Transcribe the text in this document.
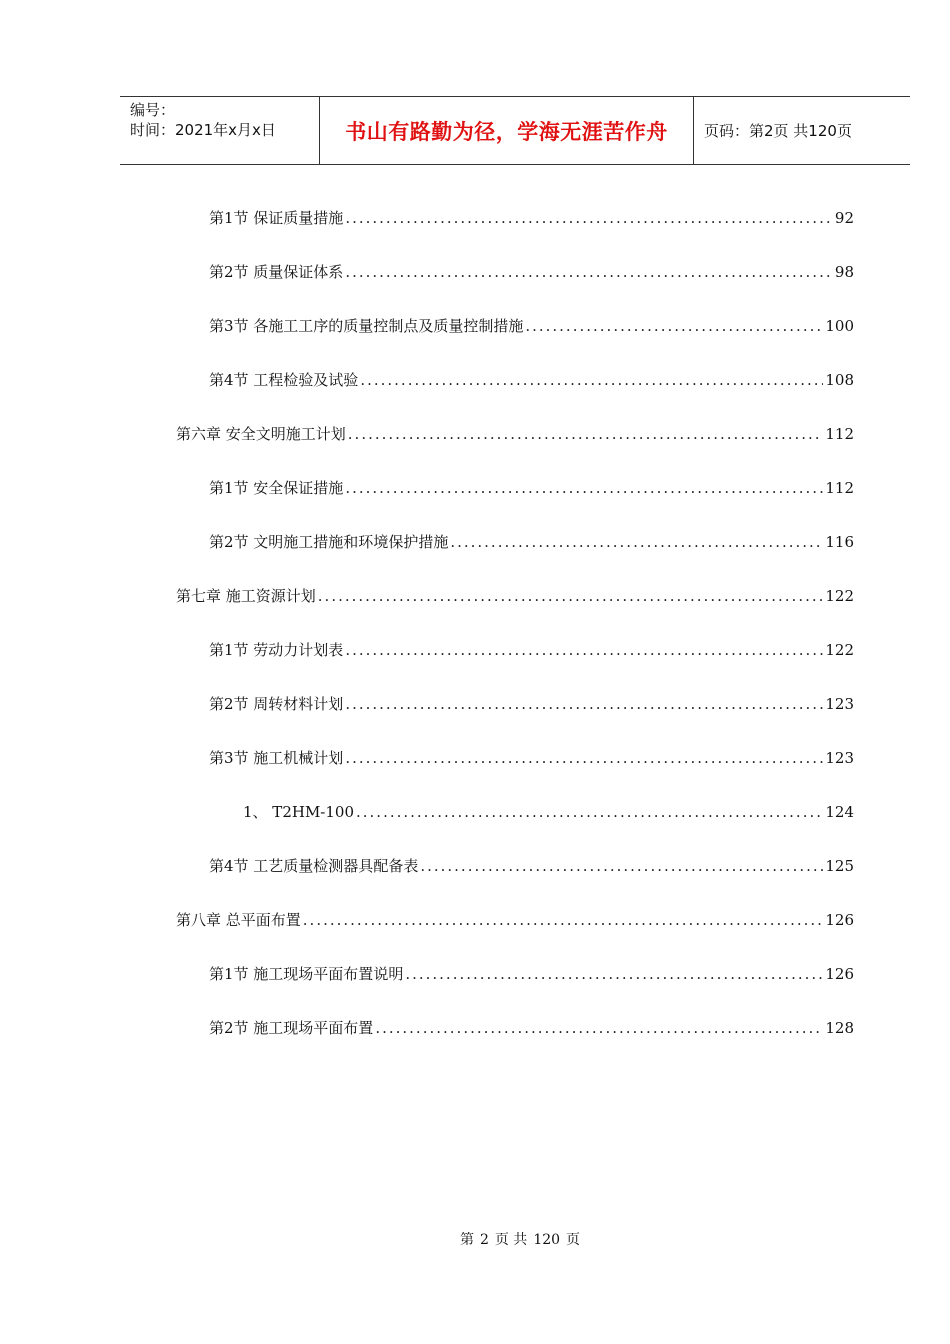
编号：
时间：2021年x月x日	书山有路勤为径，学海无涯苦作舟	页码：第2页 共120页
第1节 保证质量措施 .....	92
第2节 质量保证体系 .....	98
第3节 各施工工序的质量控制点及质量控制措施 .....	100
第4节 工程检验及试验 .....	108
第六章 安全文明施工计划 .....	112
第1节 安全保证措施 .....	112
第2节 文明施工措施和环境保护措施 .....	116
第七章 施工资源计划 .....	122
第1节 劳动力计划表 .....	122
第2节 周转材料计划 .....	123
第3节 施工机械计划 .....	123
1、 T2HM-100 .....	124
第4节 工艺质量检测器具配备表 .....	125
第八章 总平面布置 .....	126
第1节 施工现场平面布置说明 .....	126
第2节 施工现场平面布置 .....	128
第 2 页 共 120 页
